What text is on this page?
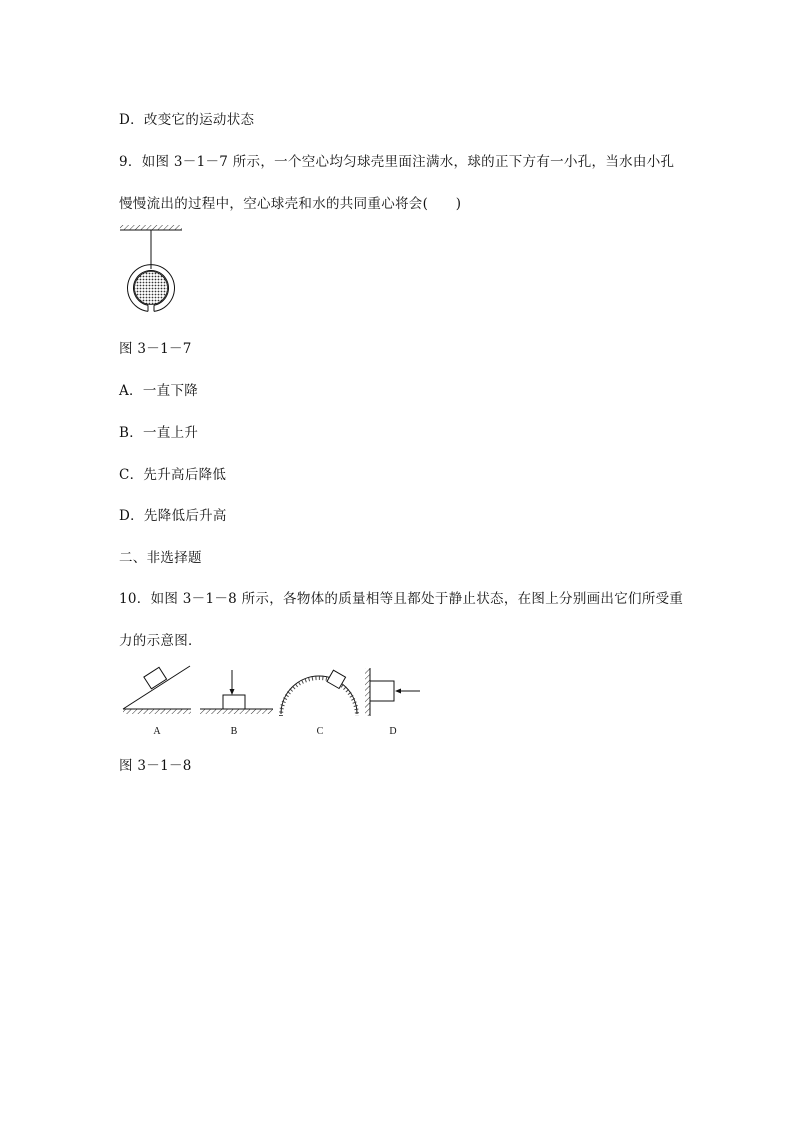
D．改变它的运动状态
9．如图 3－1－7 所示，一个空心均匀球壳里面注满水，球的正下方有一小孔，当水由小孔
慢慢流出的过程中，空心球壳和水的共同重心将会(　　)
图 3－1－7
A．一直下降
B．一直上升
C．先升高后降低
D．先降低后升高
二、非选择题
10．如图 3－1－8 所示，各物体的质量相等且都处于静止状态，在图上分别画出它们所受重
力的示意图．
A	B	C	D
图 3－1－8
